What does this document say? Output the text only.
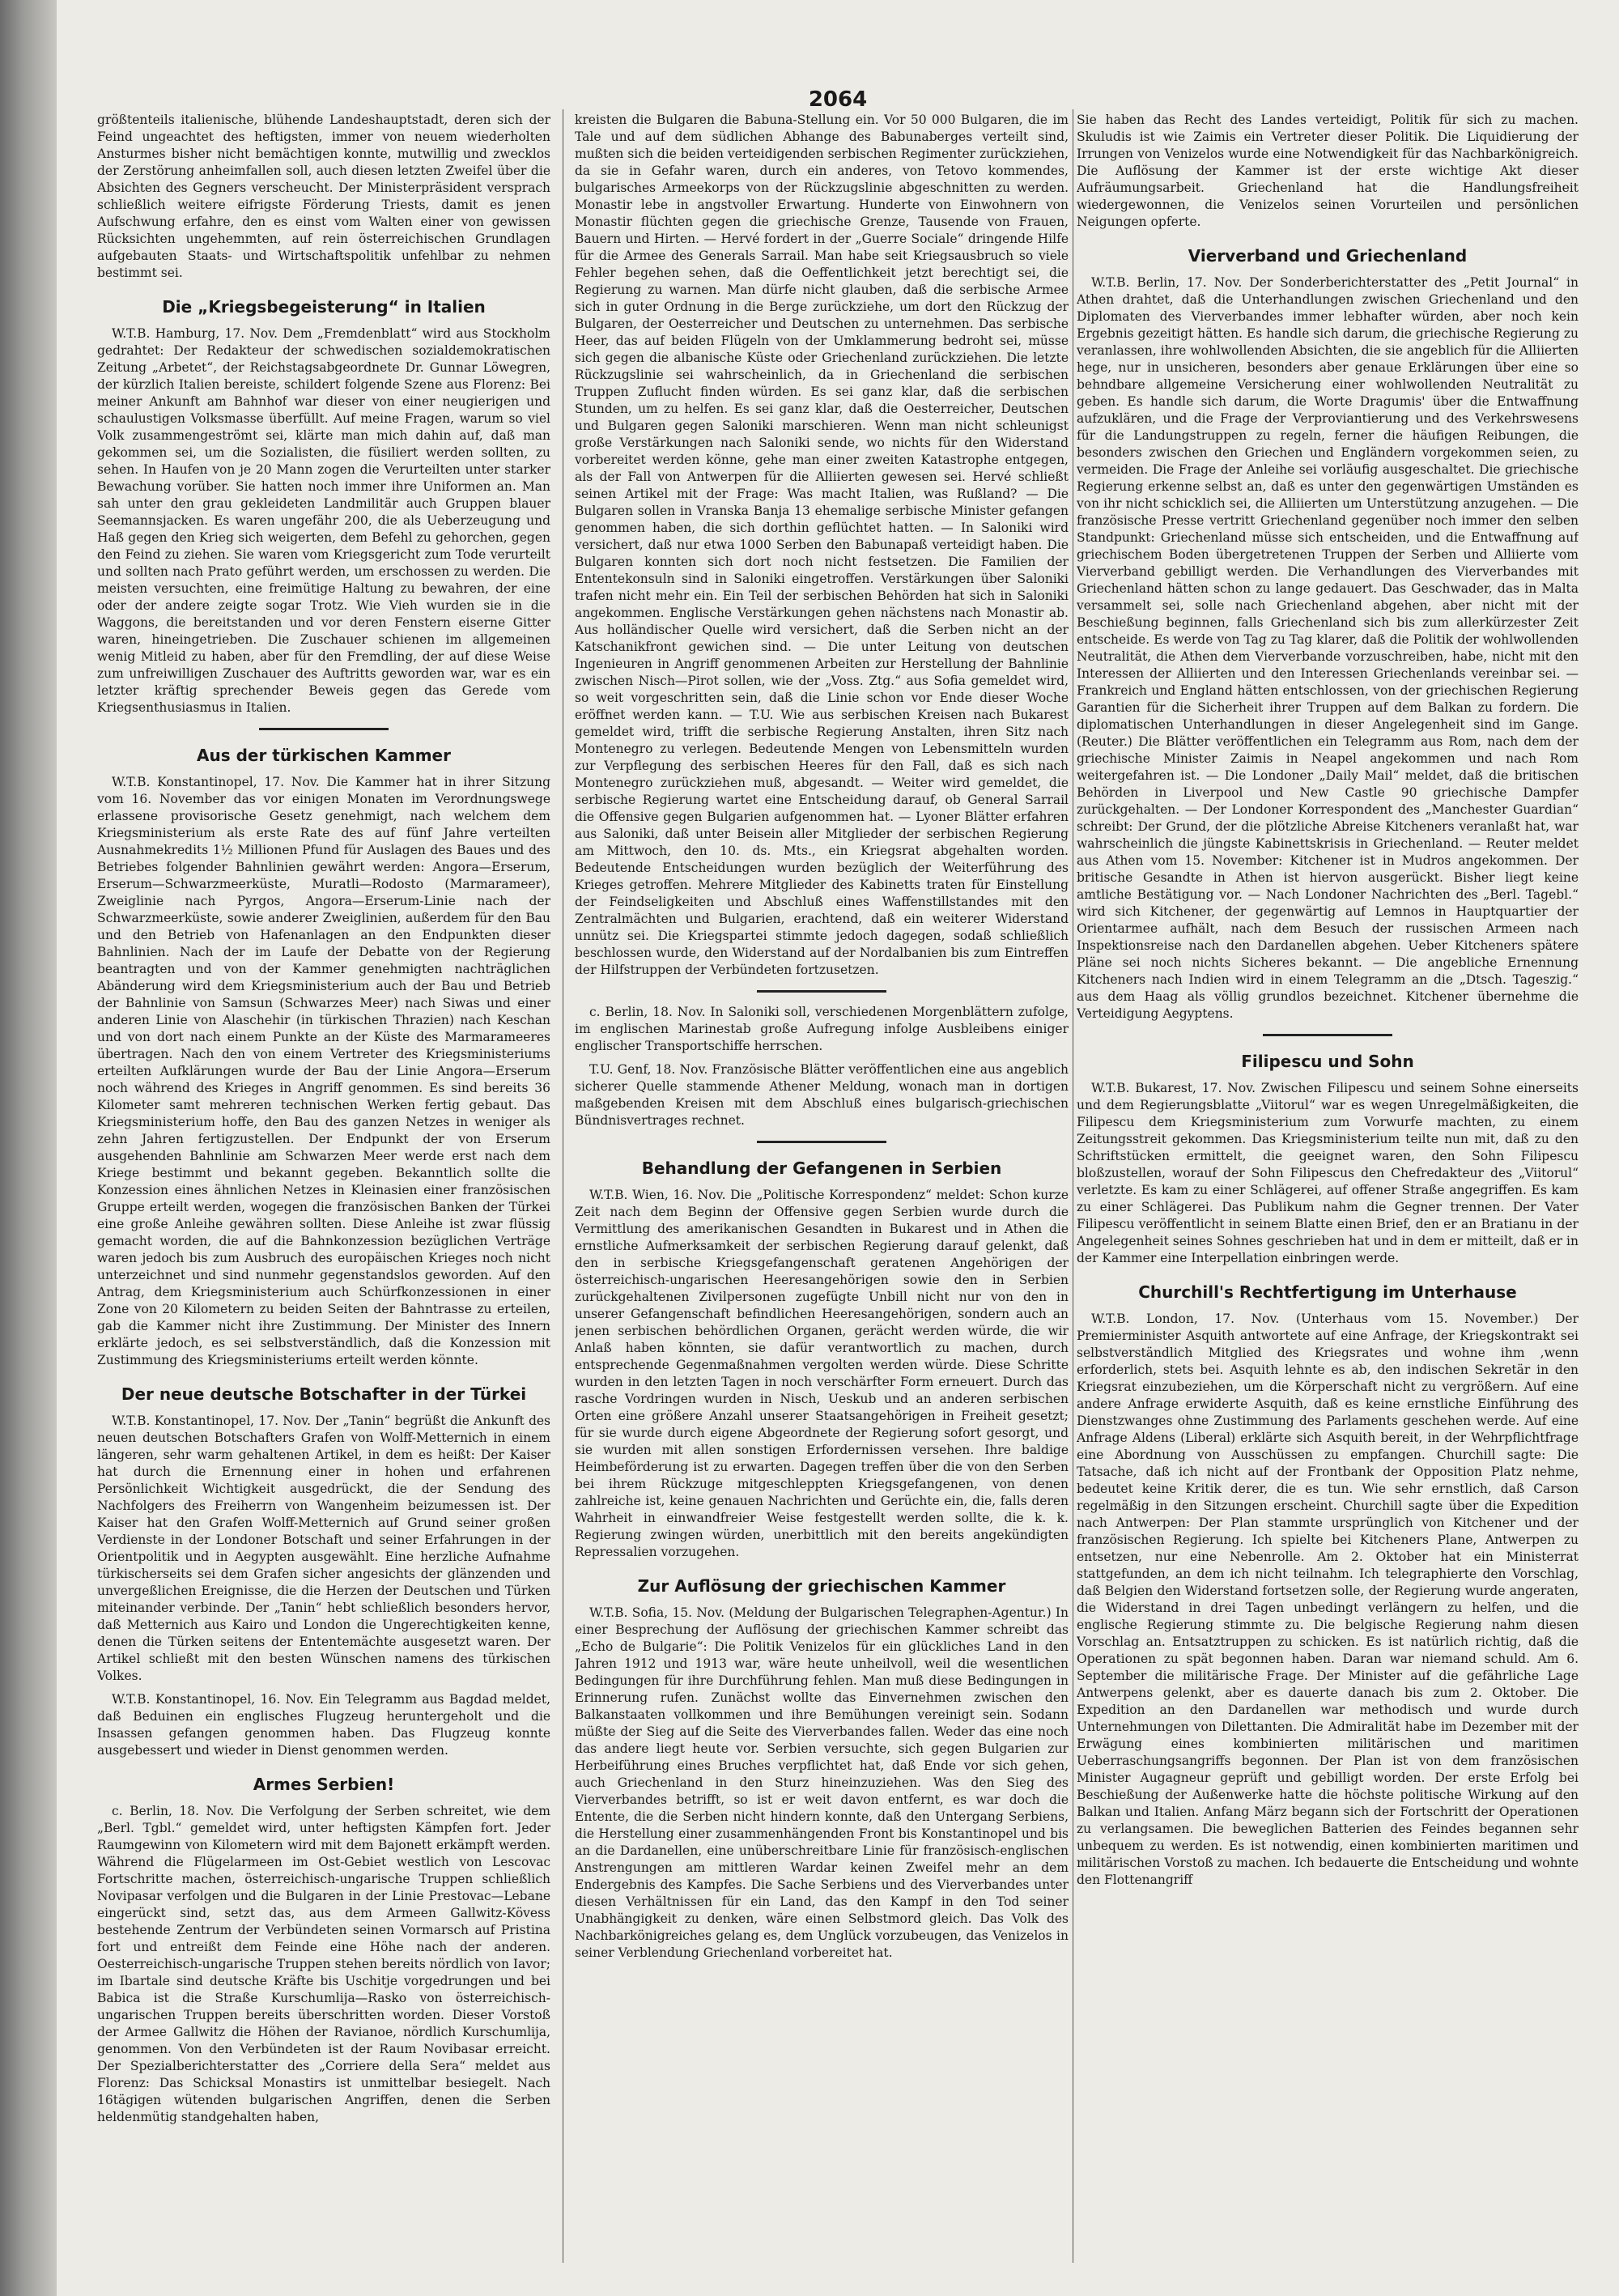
2064

größtenteils italienische, blühende Landeshauptstadt, deren sich der Feind ungeachtet des heftigsten, immer von neuem wiederholten Ansturmes bisher nicht bemächtigen konnte, mutwillig und zwecklos der Zerstörung anheimfallen soll, auch diesen letzten Zweifel über die Absichten des Gegners verscheucht. Der Ministerpräsident versprach schließlich weitere eifrigste Förderung Triests, damit es jenen Aufschwung erfahre, den es einst vom Walten einer von gewissen Rücksichten ungehemmten, auf rein österreichischen Grundlagen aufgebauten Staats- und Wirtschaftspolitik unfehlbar zu nehmen bestimmt sei.

Die „Kriegsbegeisterung“ in Italien

W.T.B. Hamburg, 17. Nov. Dem „Fremdenblatt“ wird aus Stockholm gedrahtet: Der Redakteur der schwedischen sozialdemokratischen Zeitung „Arbetet“, der Reichstagsabgeordnete Dr. Gunnar Löwegren, der kürzlich Italien bereiste, schildert folgende Szene aus Florenz: Bei meiner Ankunft am Bahnhof war dieser von einer neugierigen und schaulustigen Volksmasse überfüllt. Auf meine Fragen, warum so viel Volk zusammengeströmt sei, klärte man mich dahin auf, daß man gekommen sei, um die Sozialisten, die füsiliert werden sollten, zu sehen. In Haufen von je 20 Mann zogen die Verurteilten unter starker Bewachung vorüber. Sie hatten noch immer ihre Uniformen an. Man sah unter den grau gekleideten Landmilitär auch Gruppen blauer Seemannsjacken. Es waren ungefähr 200, die als Ueberzeugung und Haß gegen den Krieg sich weigerten, dem Befehl zu gehorchen, gegen den Feind zu ziehen. Sie waren vom Kriegsgericht zum Tode verurteilt und sollten nach Prato geführt werden, um erschossen zu werden. Die meisten versuchten, eine freimütige Haltung zu bewahren, der eine oder der andere zeigte sogar Trotz. Wie Vieh wurden sie in die Waggons, die bereitstanden und vor deren Fenstern eiserne Gitter waren, hineingetrieben. Die Zuschauer schienen im allgemeinen wenig Mitleid zu haben, aber für den Fremdling, der auf diese Weise zum unfreiwilligen Zuschauer des Auftritts geworden war, war es ein letzter kräftig sprechender Beweis gegen das Gerede vom Kriegsenthusiasmus in Italien.

Aus der türkischen Kammer

W.T.B. Konstantinopel, 17. Nov. Die Kammer hat in ihrer Sitzung vom 16. November das vor einigen Monaten im Verordnungswege erlassene provisorische Gesetz genehmigt, nach welchem dem Kriegsministerium als erste Rate des auf fünf Jahre verteilten Ausnahmekredits 1½ Millionen Pfund für Auslagen des Baues und des Betriebes folgender Bahnlinien gewährt werden: Angora—Erserum, Erserum—Schwarzmeerküste, Muratli—Rodosto (Marmarameer), Zweiglinie nach Pyrgos, Angora—Erserum-Linie nach der Schwarzmeerküste, sowie anderer Zweiglinien, außerdem für den Bau und den Betrieb von Hafenanlagen an den Endpunkten dieser Bahnlinien. Nach der im Laufe der Debatte von der Regierung beantragten und von der Kammer genehmigten nachträglichen Abänderung wird dem Kriegsministerium auch der Bau und Betrieb der Bahnlinie von Samsun (Schwarzes Meer) nach Siwas und einer anderen Linie von Alaschehir (in türkischen Thrazien) nach Keschan und von dort nach einem Punkte an der Küste des Marmarameeres übertragen. Nach den von einem Vertreter des Kriegsministeriums erteilten Aufklärungen wurde der Bau der Linie Angora—Erserum noch während des Krieges in Angriff genommen. Es sind bereits 36 Kilometer samt mehreren technischen Werken fertig gebaut. Das Kriegsministerium hoffe, den Bau des ganzen Netzes in weniger als zehn Jahren fertigzustellen. Der Endpunkt der von Erserum ausgehenden Bahnlinie am Schwarzen Meer werde erst nach dem Kriege bestimmt und bekannt gegeben. Bekanntlich sollte die Konzession eines ähnlichen Netzes in Kleinasien einer französischen Gruppe erteilt werden, wogegen die französischen Banken der Türkei eine große Anleihe gewähren sollten. Diese Anleihe ist zwar flüssig gemacht worden, die auf die Bahnkonzession bezüglichen Verträge waren jedoch bis zum Ausbruch des europäischen Krieges noch nicht unterzeichnet und sind nunmehr gegenstandslos geworden. Auf den Antrag, dem Kriegsministerium auch Schürfkonzessionen in einer Zone von 20 Kilometern zu beiden Seiten der Bahntrasse zu erteilen, gab die Kammer nicht ihre Zustimmung. Der Minister des Innern erklärte jedoch, es sei selbstverständlich, daß die Konzession mit Zustimmung des Kriegsministeriums erteilt werden könnte.

Der neue deutsche Botschafter in der Türkei

W.T.B. Konstantinopel, 17. Nov. Der „Tanin“ begrüßt die Ankunft des neuen deutschen Botschafters Grafen von Wolff-Metternich in einem längeren, sehr warm gehaltenen Artikel, in dem es heißt: Der Kaiser hat durch die Ernennung einer in hohen und erfahrenen Persönlichkeit Wichtigkeit ausgedrückt, die der Sendung des Nachfolgers des Freiherrn von Wangenheim beizumessen ist. Der Kaiser hat den Grafen Wolff-Metternich auf Grund seiner großen Verdienste in der Londoner Botschaft und seiner Erfahrungen in der Orientpolitik und in Aegypten ausgewählt. Eine herzliche Aufnahme türkischerseits sei dem Grafen sicher angesichts der glänzenden und unvergeßlichen Ereignisse, die die Herzen der Deutschen und Türken miteinander verbinde. Der „Tanin“ hebt schließlich besonders hervor, daß Metternich aus Kairo und London die Ungerechtigkeiten kenne, denen die Türken seitens der Ententemächte ausgesetzt waren. Der Artikel schließt mit den besten Wünschen namens des türkischen Volkes.

W.T.B. Konstantinopel, 16. Nov. Ein Telegramm aus Bagdad meldet, daß Beduinen ein englisches Flugzeug heruntergeholt und die Insassen gefangen genommen haben. Das Flugzeug konnte ausgebessert und wieder in Dienst genommen werden.

Armes Serbien!

c. Berlin, 18. Nov. Die Verfolgung der Serben schreitet, wie dem „Berl. Tgbl.“ gemeldet wird, unter heftigsten Kämpfen fort. Jeder Raumgewinn von Kilometern wird mit dem Bajonett erkämpft werden. Während die Flügelarmeen im Ost-Gebiet westlich von Lescovac Fortschritte machen, österreichisch-ungarische Truppen schließlich Novipasar verfolgen und die Bulgaren in der Linie Prestovac—Lebane eingerückt sind, setzt das, aus dem Armeen Gallwitz-Kövess bestehende Zentrum der Verbündeten seinen Vormarsch auf Pristina fort und entreißt dem Feinde eine Höhe nach der anderen. Oesterreichisch-ungarische Truppen stehen bereits nördlich von Iavor; im Ibartale sind deutsche Kräfte bis Uschitje vorgedrungen und bei Babica ist die Straße Kurschumlija—Rasko von österreichisch-ungarischen Truppen bereits überschritten worden. Dieser Vorstoß der Armee Gallwitz die Höhen der Ravianoe, nördlich Kurschumlija, genommen. Von den Verbündeten ist der Raum Novibasar erreicht. Der Spezialberichterstatter des „Corriere della Sera“ meldet aus Florenz: Das Schicksal Monastirs ist unmittelbar besiegelt. Nach 16tägigen wütenden bulgarischen Angriffen, denen die Serben heldenmütig standgehalten haben,

kreisten die Bulgaren die Babuna-Stellung ein. Vor 50 000 Bulgaren, die im Tale und auf dem südlichen Abhange des Babunaberges verteilt sind, mußten sich die beiden verteidigenden serbischen Regimenter zurückziehen, da sie in Gefahr waren, durch ein anderes, von Tetovo kommendes, bulgarisches Armeekorps von der Rückzugslinie abgeschnitten zu werden. Monastir lebe in angstvoller Erwartung. Hunderte von Einwohnern von Monastir flüchten gegen die griechische Grenze, Tausende von Frauen, Bauern und Hirten. — Hervé fordert in der „Guerre Sociale“ dringende Hilfe für die Armee des Generals Sarrail. Man habe seit Kriegsausbruch so viele Fehler begehen sehen, daß die Oeffentlichkeit jetzt berechtigt sei, die Regierung zu warnen. Man dürfe nicht glauben, daß die serbische Armee sich in guter Ordnung in die Berge zurückziehe, um dort den Rückzug der Bulgaren, der Oesterreicher und Deutschen zu unternehmen. Das serbische Heer, das auf beiden Flügeln von der Umklammerung bedroht sei, müsse sich gegen die albanische Küste oder Griechenland zurückziehen. Die letzte Rückzugslinie sei wahrscheinlich, da in Griechenland die serbischen Truppen Zuflucht finden würden. Es sei ganz klar, daß die serbischen Stunden, um zu helfen. Es sei ganz klar, daß die Oesterreicher, Deutschen und Bulgaren gegen Saloniki marschieren. Wenn man nicht schleunigst große Verstärkungen nach Saloniki sende, wo nichts für den Widerstand vorbereitet werden könne, gehe man einer zweiten Katastrophe entgegen, als der Fall von Antwerpen für die Alliierten gewesen sei. Hervé schließt seinen Artikel mit der Frage: Was macht Italien, was Rußland? — Die Bulgaren sollen in Vranska Banja 13 ehemalige serbische Minister gefangen genommen haben, die sich dorthin geflüchtet hatten. — In Saloniki wird versichert, daß nur etwa 1000 Serben den Babunapaß verteidigt haben. Die Bulgaren konnten sich dort noch nicht festsetzen. Die Familien der Ententekonsuln sind in Saloniki eingetroffen. Verstärkungen über Saloniki trafen nicht mehr ein. Ein Teil der serbischen Behörden hat sich in Saloniki angekommen. Englische Verstärkungen gehen nächstens nach Monastir ab. Aus holländischer Quelle wird versichert, daß die Serben nicht an der Katschanikfront gewichen sind. — Die unter Leitung von deutschen Ingenieuren in Angriff genommenen Arbeiten zur Herstellung der Bahnlinie zwischen Nisch—Pirot sollen, wie der „Voss. Ztg.“ aus Sofia gemeldet wird, so weit vorgeschritten sein, daß die Linie schon vor Ende dieser Woche eröffnet werden kann. — T.U. Wie aus serbischen Kreisen nach Bukarest gemeldet wird, trifft die serbische Regierung Anstalten, ihren Sitz nach Montenegro zu verlegen. Bedeutende Mengen von Lebensmitteln wurden zur Verpflegung des serbischen Heeres für den Fall, daß es sich nach Montenegro zurückziehen muß, abgesandt. — Weiter wird gemeldet, die serbische Regierung wartet eine Entscheidung darauf, ob General Sarrail die Offensive gegen Bulgarien aufgenommen hat. — Lyoner Blätter erfahren aus Saloniki, daß unter Beisein aller Mitglieder der serbischen Regierung am Mittwoch, den 10. ds. Mts., ein Kriegsrat abgehalten worden. Bedeutende Entscheidungen wurden bezüglich der Weiterführung des Krieges getroffen. Mehrere Mitglieder des Kabinetts traten für Einstellung der Feindseligkeiten und Abschluß eines Waffenstillstandes mit den Zentralmächten und Bulgarien, erachtend, daß ein weiterer Widerstand unnütz sei. Die Kriegspartei stimmte jedoch dagegen, sodaß schließlich beschlossen wurde, den Widerstand auf der Nordalbanien bis zum Eintreffen der Hilfstruppen der Verbündeten fortzusetzen.

c. Berlin, 18. Nov. In Saloniki soll, verschiedenen Morgenblättern zufolge, im englischen Marinestab große Aufregung infolge Ausbleibens einiger englischer Transportschiffe herrschen.

T.U. Genf, 18. Nov. Französische Blätter veröffentlichen eine aus angeblich sicherer Quelle stammende Athener Meldung, wonach man in dortigen maßgebenden Kreisen mit dem Abschluß eines bulgarisch-griechischen Bündnisvertrages rechnet.

Behandlung der Gefangenen in Serbien

W.T.B. Wien, 16. Nov. Die „Politische Korrespondenz“ meldet: Schon kurze Zeit nach dem Beginn der Offensive gegen Serbien wurde durch die Vermittlung des amerikanischen Gesandten in Bukarest und in Athen die ernstliche Aufmerksamkeit der serbischen Regierung darauf gelenkt, daß den in serbische Kriegsgefangenschaft geratenen Angehörigen der österreichisch-ungarischen Heeresangehörigen sowie den in Serbien zurückgehaltenen Zivilpersonen zugefügte Unbill nicht nur von den in unserer Gefangenschaft befindlichen Heeresangehörigen, sondern auch an jenen serbischen behördlichen Organen, gerächt werden würde, die wir Anlaß haben könnten, sie dafür verantwortlich zu machen, durch entsprechende Gegenmaßnahmen vergolten werden würde. Diese Schritte wurden in den letzten Tagen in noch verschärfter Form erneuert. Durch das rasche Vordringen wurden in Nisch, Ueskub und an anderen serbischen Orten eine größere Anzahl unserer Staatsangehörigen in Freiheit gesetzt; für sie wurde durch eigene Abgeordnete der Regierung sofort gesorgt, und sie wurden mit allen sonstigen Erfordernissen versehen. Ihre baldige Heimbeförderung ist zu erwarten. Dagegen treffen über die von den Serben bei ihrem Rückzuge mitgeschleppten Kriegsgefangenen, von denen zahlreiche ist, keine genauen Nachrichten und Gerüchte ein, die, falls deren Wahrheit in einwandfreier Weise festgestellt werden sollte, die k. k. Regierung zwingen würden, unerbittlich mit den bereits angekündigten Repressalien vorzugehen.

Zur Auflösung der griechischen Kammer

W.T.B. Sofia, 15. Nov. (Meldung der Bulgarischen Telegraphen-Agentur.) In einer Besprechung der Auflösung der griechischen Kammer schreibt das „Echo de Bulgarie“: Die Politik Venizelos für ein glückliches Land in den Jahren 1912 und 1913 war, wäre heute unheilvoll, weil die wesentlichen Bedingungen für ihre Durchführung fehlen. Man muß diese Bedingungen in Erinnerung rufen. Zunächst wollte das Einvernehmen zwischen den Balkanstaaten vollkommen und ihre Bemühungen vereinigt sein. Sodann müßte der Sieg auf die Seite des Vierverbandes fallen. Weder das eine noch das andere liegt heute vor. Serbien versuchte, sich gegen Bulgarien zur Herbeiführung eines Bruches verpflichtet hat, daß Ende vor sich gehen, auch Griechenland in den Sturz hineinzuziehen. Was den Sieg des Vierverbandes betrifft, so ist er weit davon entfernt, es war doch die Entente, die die Serben nicht hindern konnte, daß den Untergang Serbiens, die Herstellung einer zusammenhängenden Front bis Konstantinopel und bis an die Dardanellen, eine unüberschreitbare Linie für französisch-englischen Anstrengungen am mittleren Wardar keinen Zweifel mehr an dem Endergebnis des Kampfes. Die Sache Serbiens und des Vierverbandes unter diesen Verhältnissen für ein Land, das den Kampf in den Tod seiner Unabhängigkeit zu denken, wäre einen Selbstmord gleich. Das Volk des Nachbarkönigreiches gelang es, dem Unglück vorzubeugen, das Venizelos in seiner Verblendung Griechenland vorbereitet hat.

Sie haben das Recht des Landes verteidigt, Politik für sich zu machen. Skuludis ist wie Zaimis ein Vertreter dieser Politik. Die Liquidierung der Irrungen von Venizelos wurde eine Notwendigkeit für das Nachbarkönigreich. Die Auflösung der Kammer ist der erste wichtige Akt dieser Aufräumungsarbeit. Griechenland hat die Handlungsfreiheit wiedergewonnen, die Venizelos seinen Vorurteilen und persönlichen Neigungen opferte.

Vierverband und Griechenland

W.T.B. Berlin, 17. Nov. Der Sonderberichterstatter des „Petit Journal“ in Athen drahtet, daß die Unterhandlungen zwischen Griechenland und den Diplomaten des Vierverbandes immer lebhafter würden, aber noch kein Ergebnis gezeitigt hätten. Es handle sich darum, die griechische Regierung zu veranlassen, ihre wohlwollenden Absichten, die sie angeblich für die Alliierten hege, nur in unsicheren, besonders aber genaue Erklärungen über eine so behndbare allgemeine Versicherung einer wohlwollenden Neutralität zu geben. Es handle sich darum, die Worte Dragumis' über die Entwaffnung aufzuklären, und die Frage der Verproviantierung und des Verkehrswesens für die Landungstruppen zu regeln, ferner die häufigen Reibungen, die besonders zwischen den Griechen und Engländern vorgekommen seien, zu vermeiden. Die Frage der Anleihe sei vorläufig ausgeschaltet. Die griechische Regierung erkenne selbst an, daß es unter den gegenwärtigen Umständen es von ihr nicht schicklich sei, die Alliierten um Unterstützung anzugehen. — Die französische Presse vertritt Griechenland gegenüber noch immer den selben Standpunkt: Griechenland müsse sich entscheiden, und die Entwaffnung auf griechischem Boden übergetretenen Truppen der Serben und Alliierte vom Vierverband gebilligt werden. Die Verhandlungen des Vierverbandes mit Griechenland hätten schon zu lange gedauert. Das Geschwader, das in Malta versammelt sei, solle nach Griechenland abgehen, aber nicht mit der Beschießung beginnen, falls Griechenland sich bis zum allerkürzester Zeit entscheide. Es werde von Tag zu Tag klarer, daß die Politik der wohlwollenden Neutralität, die Athen dem Vierverbande vorzuschreiben, habe, nicht mit den Interessen der Alliierten und den Interessen Griechenlands vereinbar sei. — Frankreich und England hätten entschlossen, von der griechischen Regierung Garantien für die Sicherheit ihrer Truppen auf dem Balkan zu fordern. Die diplomatischen Unterhandlungen in dieser Angelegenheit sind im Gange. (Reuter.) Die Blätter veröffentlichen ein Telegramm aus Rom, nach dem der griechische Minister Zaimis in Neapel angekommen und nach Rom weitergefahren ist. — Die Londoner „Daily Mail“ meldet, daß die britischen Behörden in Liverpool und New Castle 90 griechische Dampfer zurückgehalten. — Der Londoner Korrespondent des „Manchester Guardian“ schreibt: Der Grund, der die plötzliche Abreise Kitcheners veranlaßt hat, war wahrscheinlich die jüngste Kabinettskrisis in Griechenland. — Reuter meldet aus Athen vom 15. November: Kitchener ist in Mudros angekommen. Der britische Gesandte in Athen ist hiervon ausgerückt. Bisher liegt keine amtliche Bestätigung vor. — Nach Londoner Nachrichten des „Berl. Tagebl.“ wird sich Kitchener, der gegenwärtig auf Lemnos in Hauptquartier der Orientarmee aufhält, nach dem Besuch der russischen Armeen nach Inspektionsreise nach den Dardanellen abgehen. Ueber Kitcheners spätere Pläne sei noch nichts Sicheres bekannt. — Die angebliche Ernennung Kitcheners nach Indien wird in einem Telegramm an die „Dtsch. Tageszig.“ aus dem Haag als völlig grundlos bezeichnet. Kitchener übernehme die Verteidigung Aegyptens.

Filipescu und Sohn

W.T.B. Bukarest, 17. Nov. Zwischen Filipescu und seinem Sohne einerseits und dem Regierungsblatte „Viitorul“ war es wegen Unregelmäßigkeiten, die Filipescu dem Kriegsministerium zum Vorwurfe machten, zu einem Zeitungsstreit gekommen. Das Kriegsministerium teilte nun mit, daß zu den Schriftstücken ermittelt, die geeignet waren, den Sohn Filipescu bloßzustellen, worauf der Sohn Filipescus den Chefredakteur des „Viitorul“ verletzte. Es kam zu einer Schlägerei, auf offener Straße angegriffen. Es kam zu einer Schlägerei. Das Publikum nahm die Gegner trennen. Der Vater Filipescu veröffentlicht in seinem Blatte einen Brief, den er an Bratianu in der Angelegenheit seines Sohnes geschrieben hat und in dem er mitteilt, daß er in der Kammer eine Interpellation einbringen werde.

Churchill's Rechtfertigung im Unterhause

W.T.B. London, 17. Nov. (Unterhaus vom 15. November.) Der Premierminister Asquith antwortete auf eine Anfrage, der Kriegskontrakt sei selbstverständlich Mitglied des Kriegsrates und wohne ihm ,wenn erforderlich, stets bei. Asquith lehnte es ab, den indischen Sekretär in den Kriegsrat einzubeziehen, um die Körperschaft nicht zu vergrößern. Auf eine andere Anfrage erwiderte Asquith, daß es keine ernstliche Einführung des Dienstzwanges ohne Zustimmung des Parlaments geschehen werde. Auf eine Anfrage Aldens (Liberal) erklärte sich Asquith bereit, in der Wehrpflichtfrage eine Abordnung von Ausschüssen zu empfangen. Churchill sagte: Die Tatsache, daß ich nicht auf der Frontbank der Opposition Platz nehme, bedeutet keine Kritik derer, die es tun. Wie sehr ernstlich, daß Carson regelmäßig in den Sitzungen erscheint. Churchill sagte über die Expedition nach Antwerpen: Der Plan stammte ursprünglich von Kitchener und der französischen Regierung. Ich spielte bei Kitcheners Plane, Antwerpen zu entsetzen, nur eine Nebenrolle. Am 2. Oktober hat ein Ministerrat stattgefunden, an dem ich nicht teilnahm. Ich telegraphierte den Vorschlag, daß Belgien den Widerstand fortsetzen solle, der Regierung wurde angeraten, die Widerstand in drei Tagen unbedingt verlängern zu helfen, und die englische Regierung stimmte zu. Die belgische Regierung nahm diesen Vorschlag an. Entsatztruppen zu schicken. Es ist natürlich richtig, daß die Operationen zu spät begonnen haben. Daran war niemand schuld. Am 6. September die militärische Frage. Der Minister auf die gefährliche Lage Antwerpens gelenkt, aber es dauerte danach bis zum 2. Oktober. Die Expedition an den Dardanellen war methodisch und wurde durch Unternehmungen von Dilettanten. Die Admiralität habe im Dezember mit der Erwägung eines kombinierten militärischen und maritimen Ueberraschungsangriffs begonnen. Der Plan ist von dem französischen Minister Augagneur geprüft und gebilligt worden. Der erste Erfolg bei Beschießung der Außenwerke hatte die höchste politische Wirkung auf den Balkan und Italien. Anfang März begann sich der Fortschritt der Operationen zu verlangsamen. Die beweglichen Batterien des Feindes begannen sehr unbequem zu werden. Es ist notwendig, einen kombinierten maritimen und militärischen Vorstoß zu machen. Ich bedauerte die Entscheidung und wohnte den Flottenangriff
